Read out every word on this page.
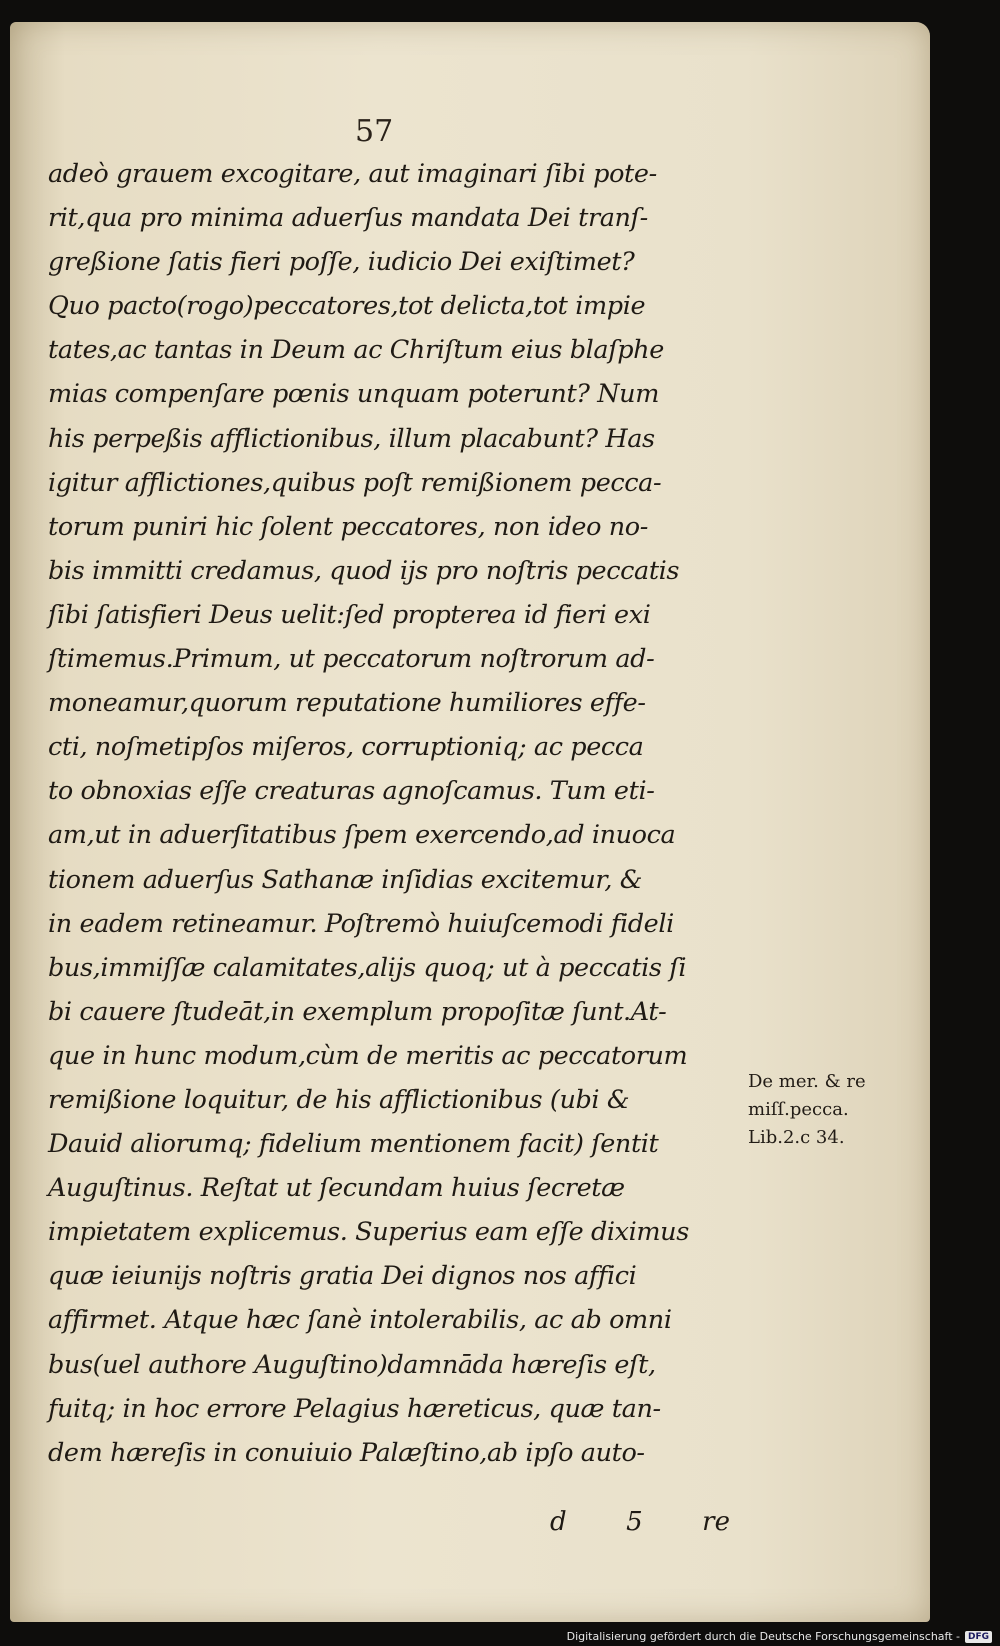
57
adeò grauem excogitare, aut imaginari ſibi pote-
rit,qua pro minima aduerſus mandata Dei tranſ-
greßione ſatis fieri poſſe, iudicio Dei exiſtimet?
Quo pacto(rogo)peccatores,tot delicta,tot impie
tates,ac tantas in Deum ac Chriſtum eius blaſphe
mias compenſare pœnis unquam poterunt? Num
his perpeßis afflictionibus, illum placabunt? Has
igitur afflictiones,quibus poſt remißionem pecca-
torum puniri hic ſolent peccatores, non ideo no-
bis immitti credamus, quod ijs pro noſtris peccatis
ſibi ſatisfieri Deus uelit:ſed propterea id fieri exi
ſtimemus.Primum, ut peccatorum noſtrorum ad-
moneamur,quorum reputatione humiliores effe-
cti, noſmetipſos miſeros, corruptioniq; ac pecca
to obnoxias eſſe creaturas agnoſcamus. Tum eti-
am,ut in aduerſitatibus ſpem exercendo,ad inuoca
tionem aduerſus Sathanæ inſidias excitemur, &
in eadem retineamur. Poſtremò huiuſcemodi fideli
bus,immiſſæ calamitates,alijs quoq; ut à peccatis ſi
bi cauere ſtudeāt,in exemplum propoſitæ ſunt.At-
que in hunc modum,cùm de meritis ac peccatorum
remißione loquitur, de his afflictionibus (ubi &
Dauid aliorumq; fidelium mentionem facit) ſentit
Auguſtinus. Reſtat ut ſecundam huius ſecretæ
impietatem explicemus. Superius eam eſſe diximus
quæ ieiunijs noſtris gratia Dei dignos nos affici
affirmet. Atque hæc ſanè intolerabilis, ac ab omni
bus(uel authore Auguſtino)damnāda hæreſis eſt,
fuitq; in hoc errore Pelagius hæreticus, quæ tan-
dem hæreſis in conuiuio Palæſtino,ab ipſo auto-
De mer. & re
miſſ.pecca.
Lib.2.c 34.
d 5 re
Digitalisierung gefördert durch die Deutsche Forschungsgemeinschaft - DFG
